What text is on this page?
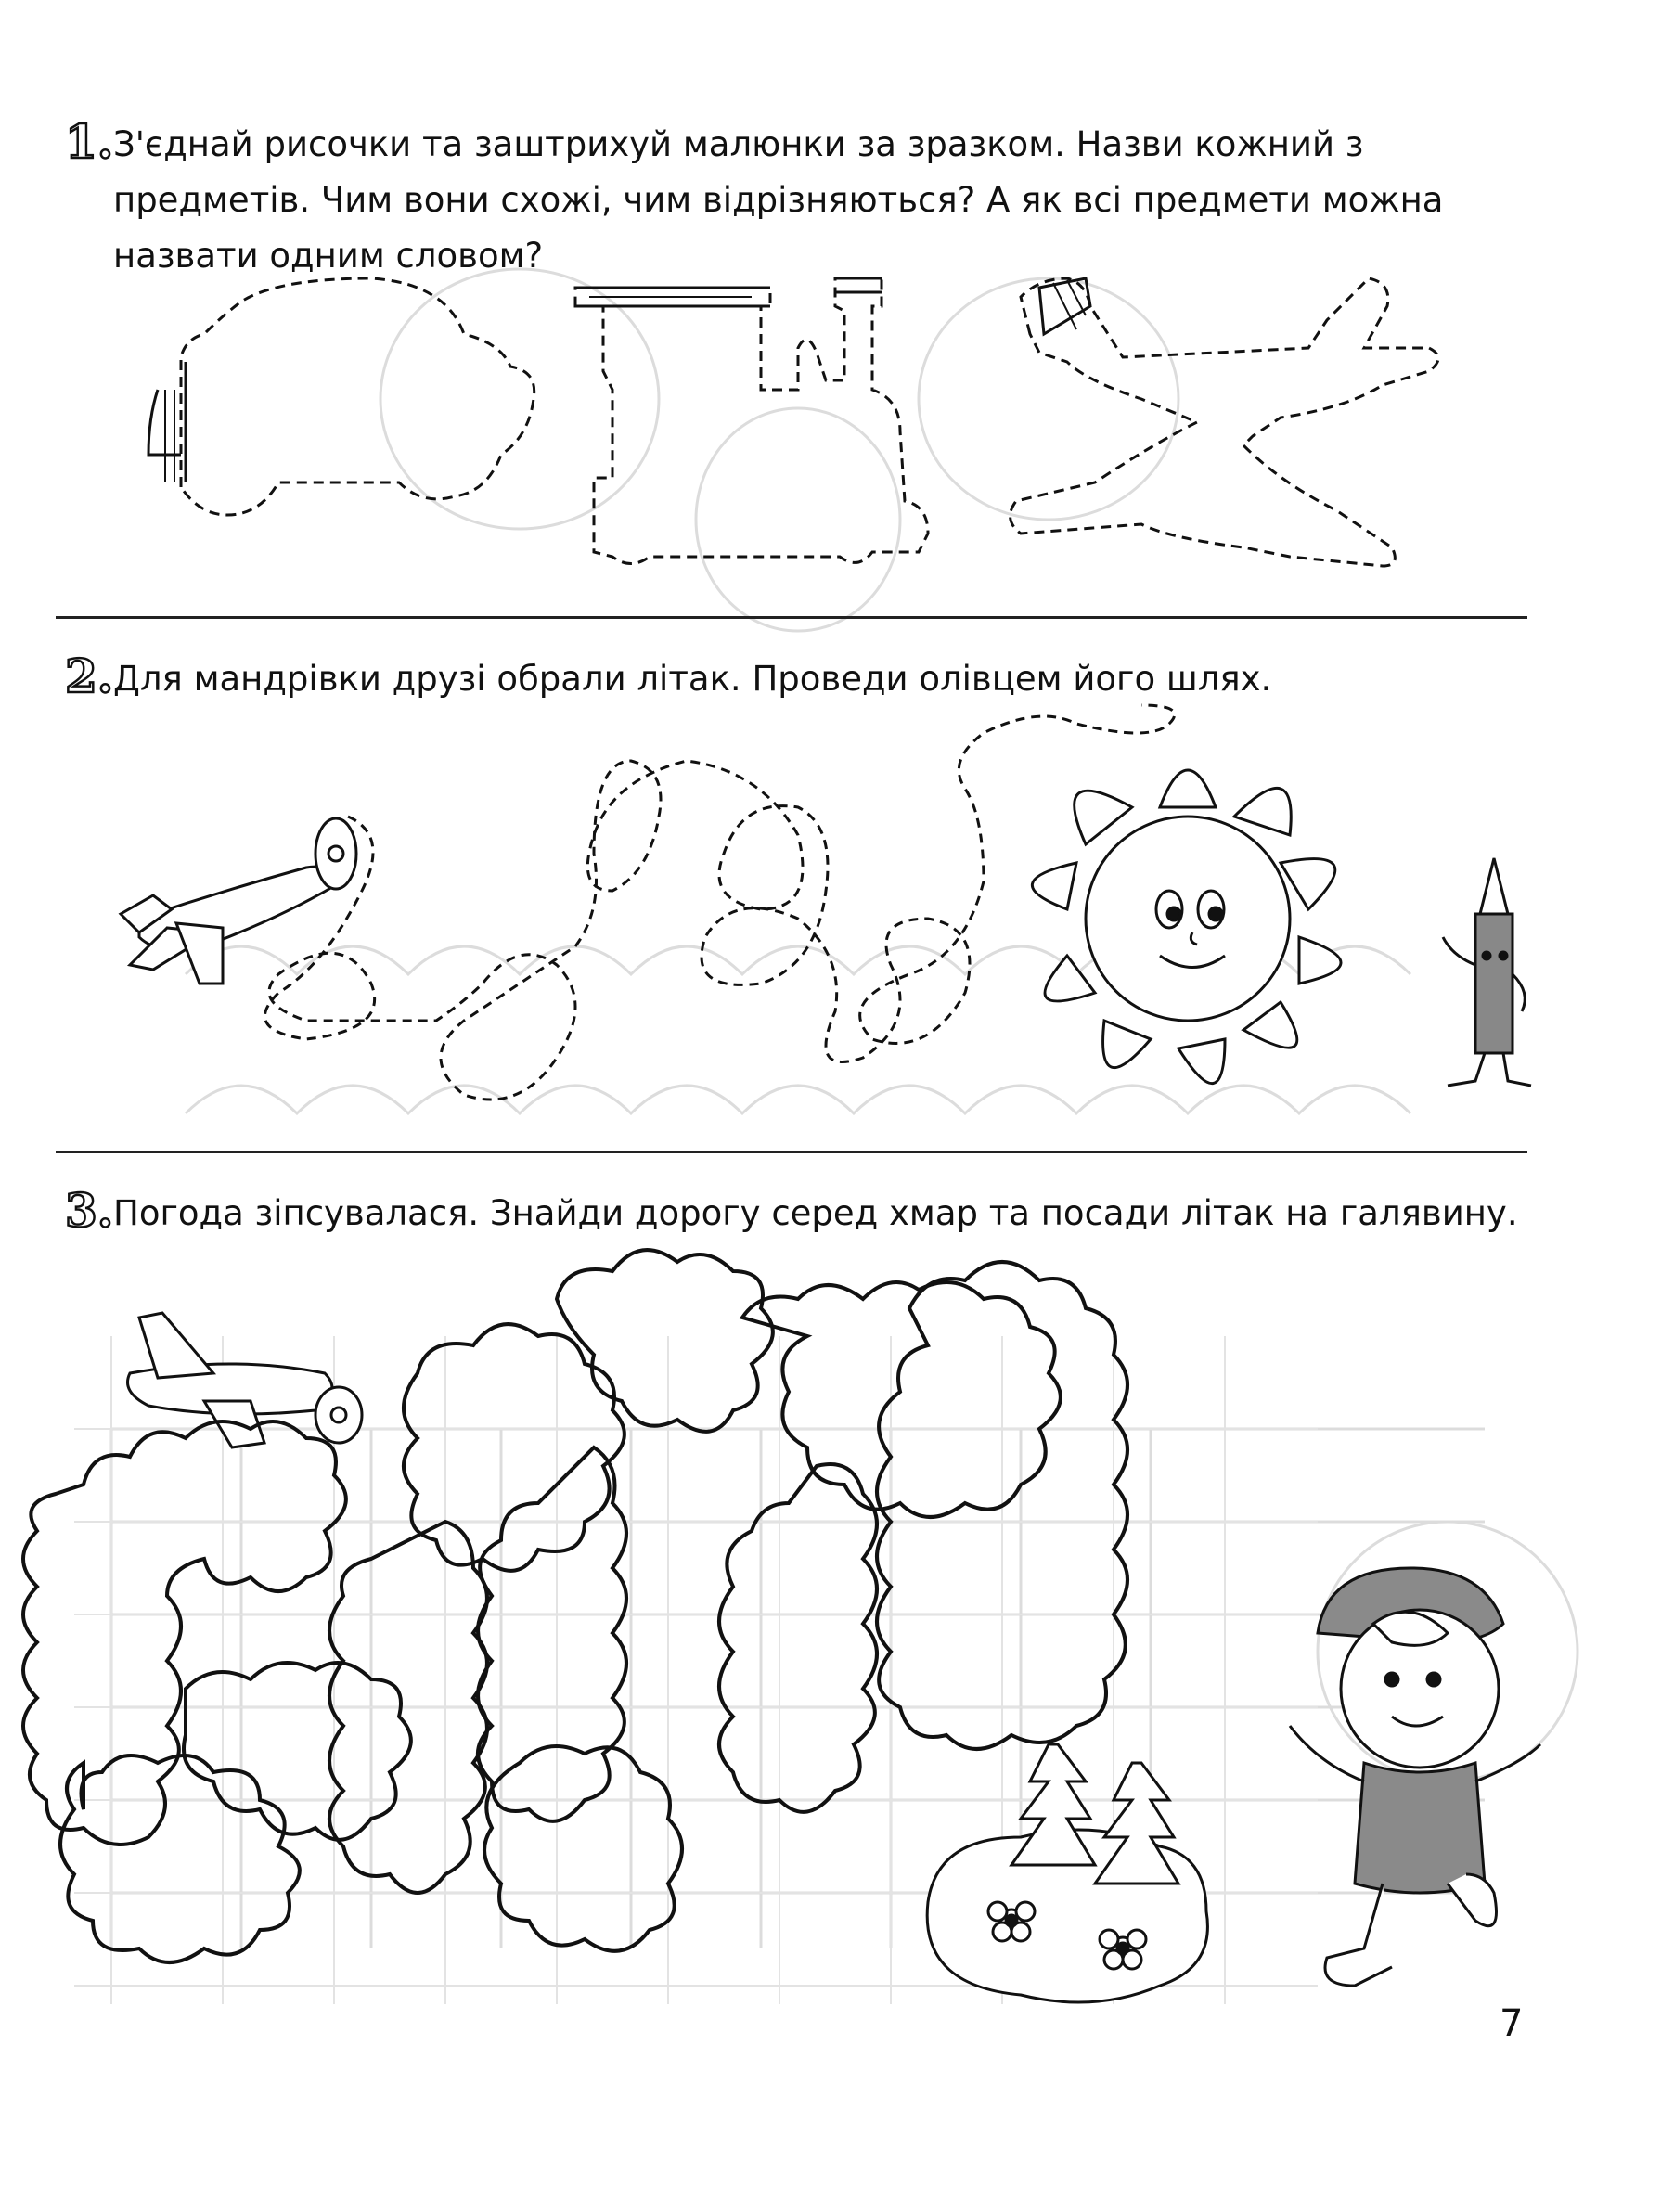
1. З'єднай рисочки та заштрихуй малюнки за зразком. Назви кожний з предметів. Чим вони схожі, чим відрізняються? А як всі предмети можна назвати одним словом?
2. Для мандрівки друзі обрали літак. Проведи олівцем його шлях.
3. Погода зіпсувалася. Знайди дорогу серед хмар та посади літак на галявину.
7
